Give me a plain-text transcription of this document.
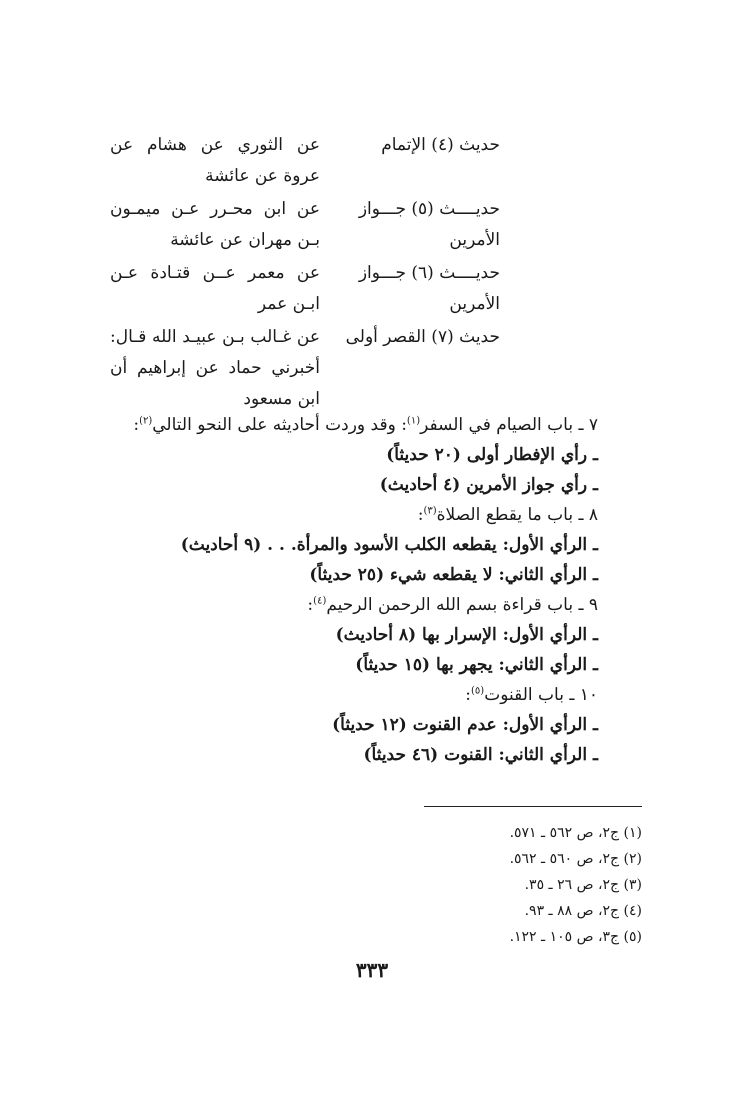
حديث (٤) الإتمام
عن الثوري عن هشام عن عروة عن عائشة
حديــــث (٥) جـــواز الأمرين
عن ابن محـرر عـن ميمـون بـن مهران عن عائشة
حديــــث (٦) جـــواز الأمرين
عن معمر عــن قتـادة عـن ابـن عمر
حديث (٧) القصر أولى
عن غـالب بـن عبيـد الله قـال: أخبرني حماد عن إبراهيم أن ابن مسعود
٧ ـ باب الصيام في السفر$^{(١)}$: وقد وردت أحاديثه على النحو التالي$^{(٢)}$:
ـ رأي الإفطار أولى (٢٠ حديثاً)
ـ رأي جواز الأمرين (٤ أحاديث)
٨ ـ باب ما يقطع الصلاة$^{(٣)}$:
ـ الرأي الأول: يقطعه الكلب الأسود والمرأة. . . (٩ أحاديث)
ـ الرأي الثاني: لا يقطعه شيء (٢٥ حديثاً)
٩ ـ باب قراءة بسم الله الرحمن الرحيم$^{(٤)}$:
ـ الرأي الأول: الإسرار بها (٨ أحاديث)
ـ الرأي الثاني: يجهر بها (١٥ حديثاً)
١٠ ـ باب القنوت$^{(٥)}$:
ـ الرأي الأول: عدم القنوت (١٢ حديثاً)
ـ الرأي الثاني: القنوت (٤٦ حديثاً)
(١) ج٢، ص ٥٦٢ ـ ٥٧١.
(٢) ج٢، ص ٥٦٠ ـ ٥٦٢.
(٣) ج٢، ص ٢٦ ـ ٣٥.
(٤) ج٢، ص ٨٨ ـ ٩٣.
(٥) ج٣، ص ١٠٥ ـ ١٢٢.
٣٣٣
